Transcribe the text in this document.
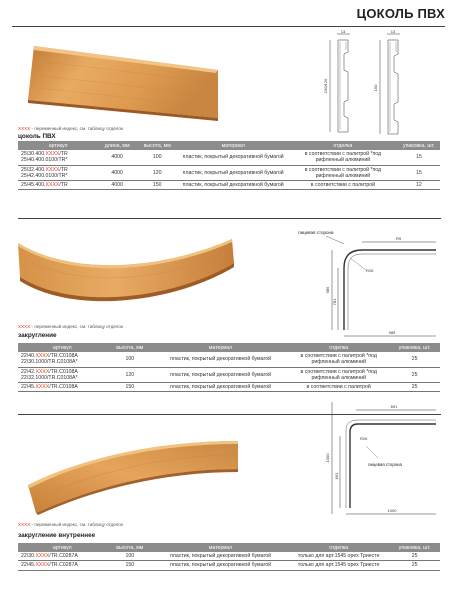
ЦОКОЛЬ ПВХ
13
100/120
13
150
XXXX - переменный индекс, см. таблицу отделок
цоколь ПВХ
артикул	длина, мм	высота, мм	материал	отделка	упаковка, шт.

25\30.400.XXXX/TR
25\40.400.0100/TR*	4000	100	пластик, покрытый декоративной бумагой	в соответствии с палитрой *под рифленный алюминий	15

25\32.400.XXXX/TR
25\42.400.0100/TR*	4000	120	пластик, покрытый декоративной бумагой	в соответствии с палитрой *под рифленный алюминий	15

25\45.400.XXXX/TR	4000	150	пластик, покрытый декоративной бумагой	в соответствии с палитрой	12
лицевая сторона
R9
R26
985
781
985
XXXX - переменный индекс, см. таблицу отделок
закругление
артикул	высота, мм	материал	отделка	упаковка, шт.

22\40.XXXX/TR.C0108A
22\30.1000/TR.C0108A*	100	пластик, покрытый декоративной бумагой	в соответствии с палитрой *под рифленный алюминий	25

22\42.XXXX/TR.C0108A
22\32.1000/TR.C0108A*	120	пластик, покрытый декоративной бумагой	в соответствии с палитрой *под рифленный алюминий	25

22\45.XXXX/TR.C0108A	150	пластик, покрытый декоративной бумагой	в соответствии с палитрой	25
1000
691
691
R26
лицевая сторона
1000
XXXX - переменный индекс, см. таблицу отделок
закругление внутреннее
артикул	высота, мм	материал	отделка	упаковка, шт.

22\30.XXXX/TR.C0287A	100	пластик, покрытый декоративной бумагой	только для арт.1545 орех Триесте	25

22\45.XXXX/TR.C0287A	150	пластик, покрытый декоративной бумагой	только для арт.1545 орех Триесте	25
